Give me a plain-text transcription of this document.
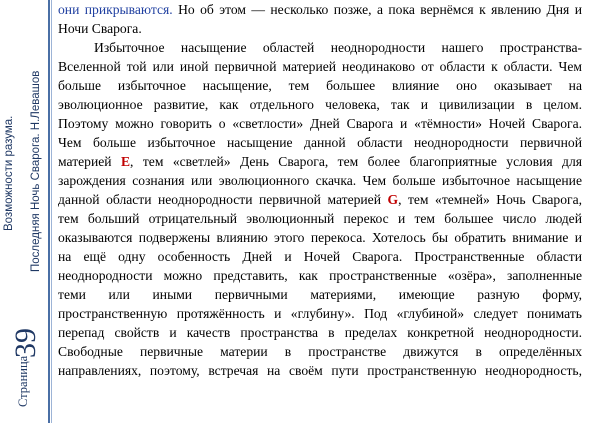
Возможности разума. Последняя Ночь Сварога. Н.Левашов
39
Страница
они прикрываются. Но об этом — несколько позже, а пока вернёмся к явлению Дня и
Ночи Сварога.
Избыточное насыщение областей неоднородности нашего пространства-
Вселенной той или иной первичной материей неодинаково от области к области. Чем
больше избыточное насыщение, тем большее влияние оно оказывает на
эволюционное развитие, как отдельного человека, так и цивилизации в целом.
Поэтому можно говорить о «светлости» Дней Сварога и «тёмности» Ночей Сварога.
Чем больше избыточное насыщение данной области неоднородности первичной
материей E, тем «светлей» День Сварога, тем более благоприятные условия для
зарождения сознания или эволюционного скачка. Чем больше избыточное насыщение
данной области неоднородности первичной материей G, тем «темней» Ночь Сварога,
тем больший отрицательный эволюционный перекос и тем большее число людей
оказываются подвержены влиянию этого перекоса. Хотелось бы обратить внимание и
на ещё одну особенность Дней и Ночей Сварога. Пространственные области
неоднородности можно представить, как пространственные «озёра», заполненные
теми или иными первичными материями, имеющие разную форму,
пространственную протяжённость и «глубину». Под «глубиной» следует понимать
перепад свойств и качеств пространства в пределах конкретной неоднородности.
Свободные первичные материи в пространстве движутся в определённых
направлениях, поэтому, встречая на своём пути пространственную неоднородность,
